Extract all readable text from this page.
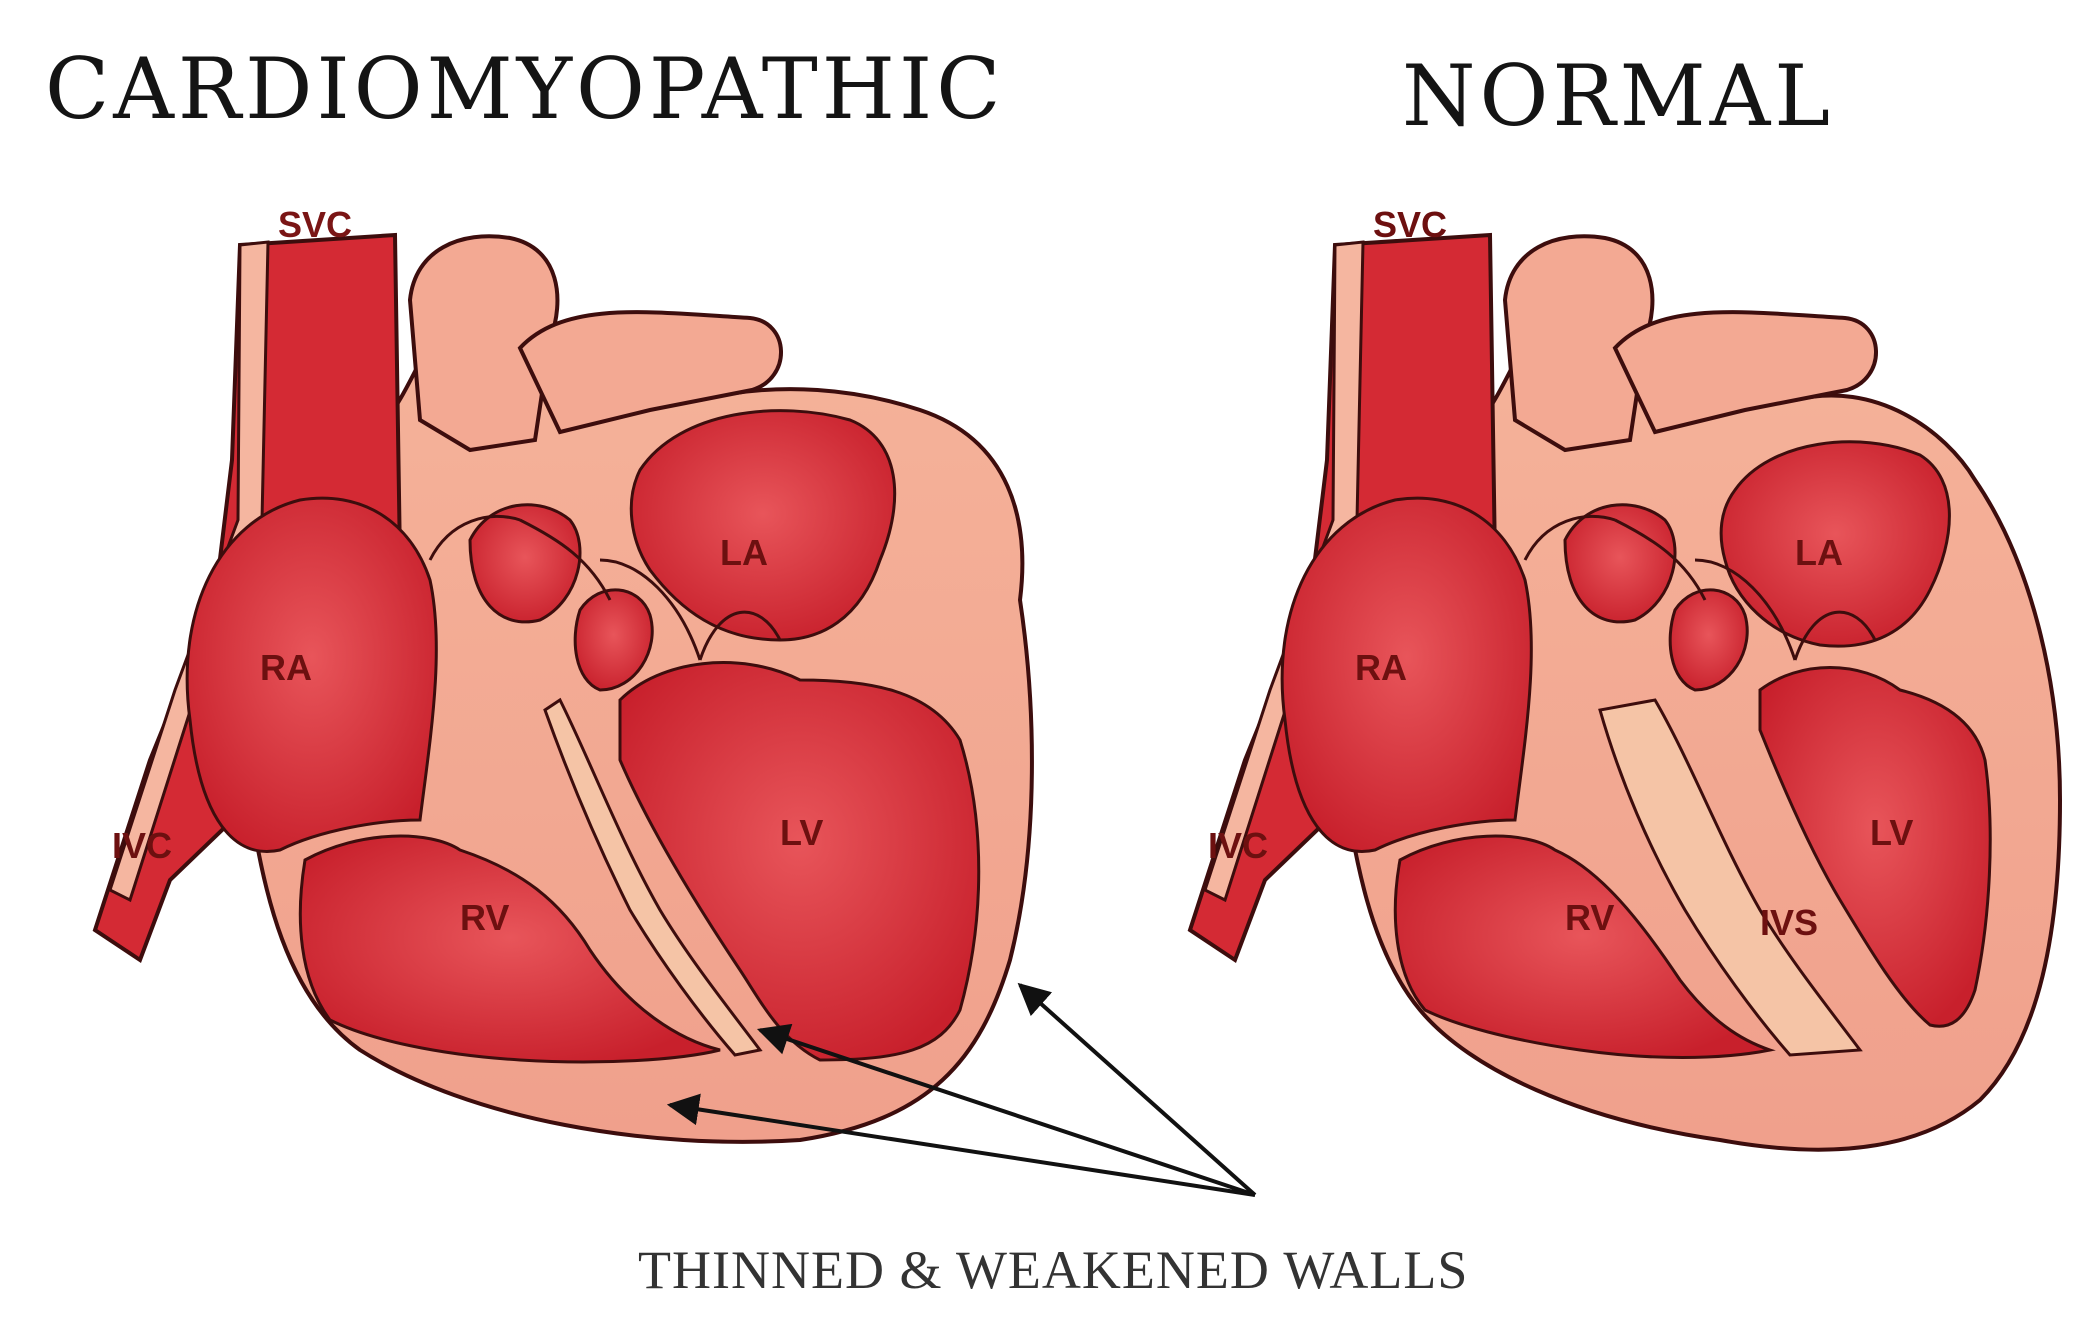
CARDIOMYOPATHIC	NORMAL
SVC
IVC
RA
LA
RV
LV
SVC
IVC
RA
LA
RV
LV
IVS
THINNED & WEAKENED WALLS
